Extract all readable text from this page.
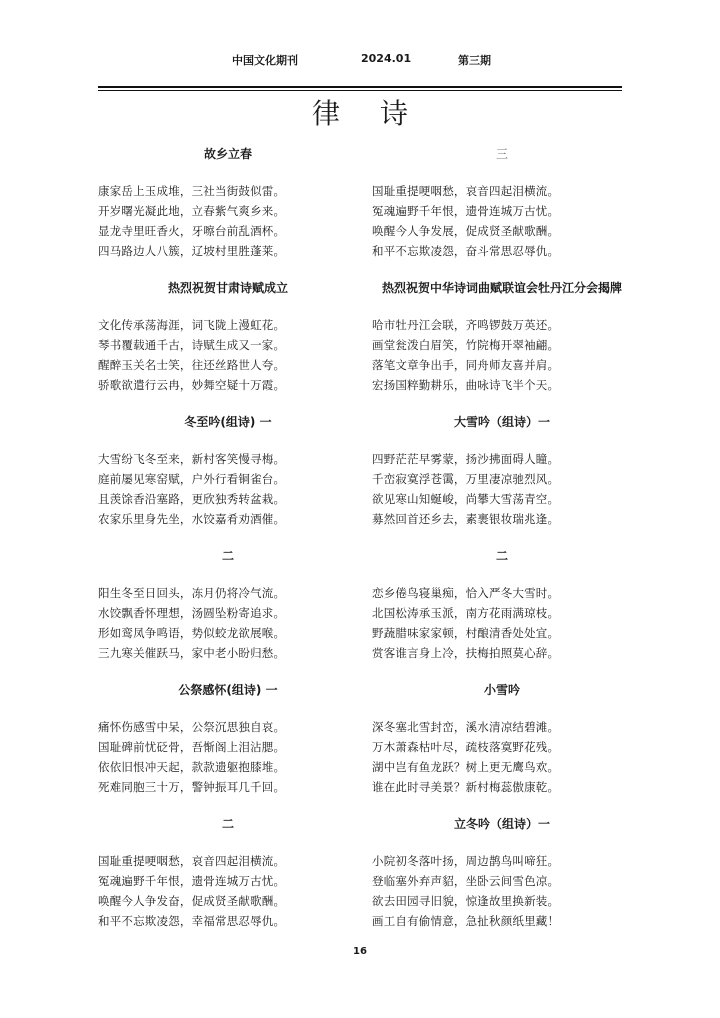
中国文化期刊	2024.01	第三期
律诗
故乡立春
康家岳上玉成堆，三社当街鼓似雷。
开岁曙光凝此地，立春紫气爽乡来。
显龙寺里旺香火，牙嚓台前乱酒杯。
四马路边人八簇，辽坡村里胜蓬莱。
热烈祝贺甘肃诗赋成立
文化传承荡海涯，词飞陇上漫虹花。
琴书覆载通千古，诗赋生成又一家。
醒醉玉关名士笑，往还丝路世人夸。
骄歌欲遣行云冉，妙舞空疑十万霞。
冬至吟(组诗) 一
大雪纷飞冬至来，新村客笑慢寻梅。
庭前屡见寒窑赋，户外行看铜雀台。
且羡馀香沿塞路，更欣独秀转盆栽。
农家乐里身先坐，水饺嘉肴劝酒催。
二
阳生冬至日回头，冻月仍将冷气流。
水饺飘香怀理想，汤圆坠粉寄追求。
形如鸾凤争鸣语，势似蛟龙欲展喉。
三九寒关催跃马，家中老小盼归愁。
公祭感怀(组诗) 一
痛怀伤感雪中呆，公祭沉思独自哀。
国耻碑前忧砭骨，吾惭阁上泪沾腮。
依依旧恨冲天起，款款遗躯抱膝堆。
死难同胞三十万，警钟振耳几千回。
二
国耻重提哽咽愁，哀音四起泪横流。
冤魂遍野千年恨，遗骨连城万古忧。
唤醒今人争发奋，促成贤圣献歌酬。
和平不忘欺凌怨，幸福常思忍辱仇。
三
国耻重提哽咽愁，哀音四起泪横流。
冤魂遍野千年恨，遗骨连城万古忧。
唤醒今人争发展，促成贤圣献歌酬。
和平不忘欺凌怨，奋斗常思忍辱仇。
热烈祝贺中华诗词曲赋联谊会牡丹江分会揭牌
哈市牡丹江会联，齐鸣锣鼓万英还。
画堂瓮泼白眉笑，竹院梅开翠袖翩。
落笔文章争出手，同舟师友喜并肩。
宏扬国粹勤耕乐，曲咏诗飞半个天。
大雪吟（组诗）一
四野茫茫早雾蒙，扬沙拂面碍人瞳。
千峦寂寞浮苍霭，万里凄凉驰烈风。
欲见寒山知蜒峻，尚攀大雪荡青空。
募然回首还乡去，素裹银妆瑞兆逢。
二
恋乡倦鸟寝巢痴，恰入严冬大雪时。
北国松涛承玉派，南方花雨满琼枝。
野蔬腊味家家顿，村酿清香处处宜。
赏客谁言身上冷，扶梅拍照莫心辞。
小雪吟
深冬塞北雪封峦，溪水清凉结碧滩。
万木萧森枯叶尽，疏枝落寞野花残。
湖中岂有鱼龙跃？树上更无鹰鸟欢。
谁在此时寻美景？新村梅蕊傲康乾。
立冬吟（组诗）一
小院初冬落叶扬，周边鹊鸟叫啼狂。
登临塞外弃声貂，坐卧云间雪色凉。
欲去田园寻旧貌，惊逢故里换新装。
画工自有偷情意，急扯秋颜纸里藏！
16
